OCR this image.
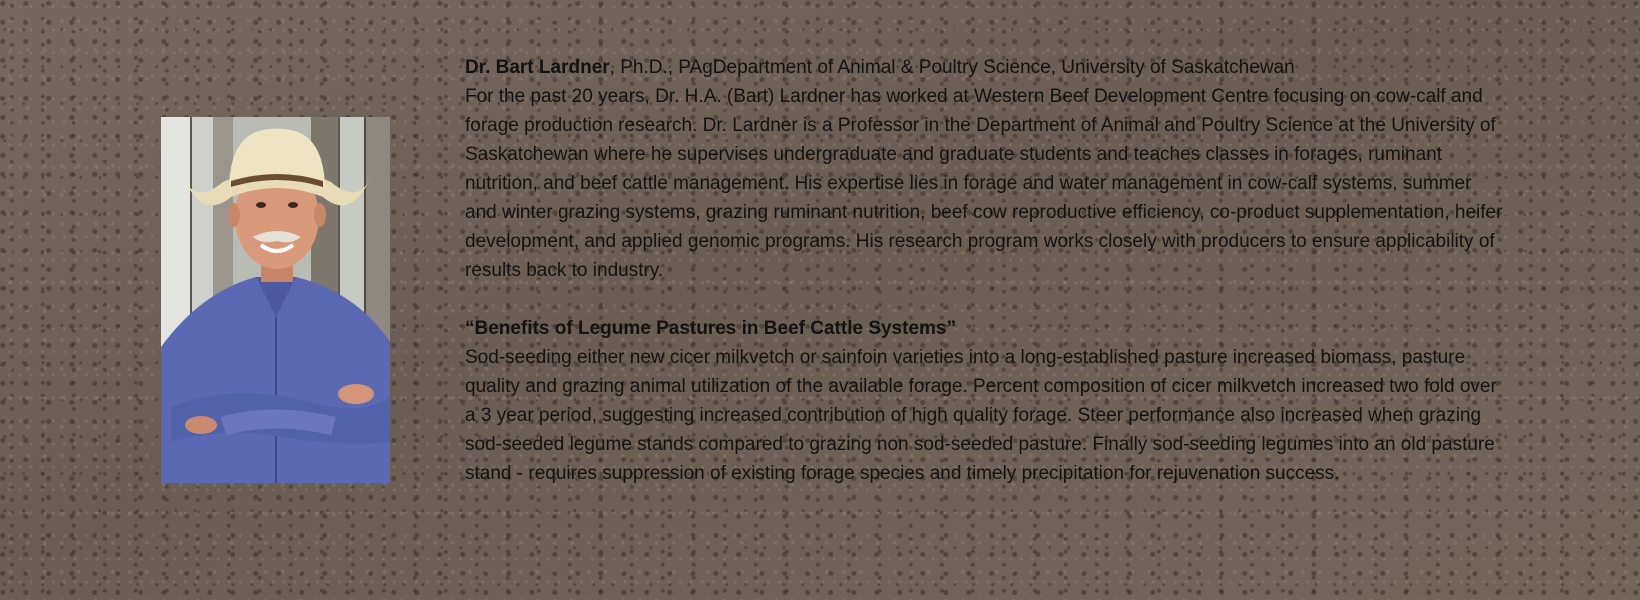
Dr. Bart Lardner, Ph.D., PAgDepartment of Animal & Poultry Science, University of Saskatchewan

For the past 20 years, Dr. H.A. (Bart) Lardner has worked at Western Beef Development Centre focusing on cow-calf and forage production research. Dr. Lardner is a Professor in the Department of Animal and Poultry Science at the University of Saskatchewan where he supervises undergraduate and graduate students and teaches classes in forages, ruminant nutrition, and beef cattle management. His expertise lies in forage and water management in cow-calf systems, summer and winter grazing systems, grazing ruminant nutrition, beef cow reproductive efficiency, co-product supplementation, heifer development, and applied genomic programs. His research program works closely with producers to ensure applicability of results back to industry.

“Benefits of Legume Pastures in Beef Cattle Systems”

Sod-seeding either new cicer milkvetch or sainfoin varieties into a long-established pasture increased biomass, pasture quality and grazing animal utilization of the available forage. Percent composition of cicer milkvetch increased two fold over a 3 year period, suggesting increased contribution of high quality forage. Steer performance also increased when grazing sod-seeded legume stands compared to grazing non sod-seeded pasture. Finally sod-seeding legumes into an old pasture stand - requires suppression of existing forage species and timely precipitation for rejuvenation success.
